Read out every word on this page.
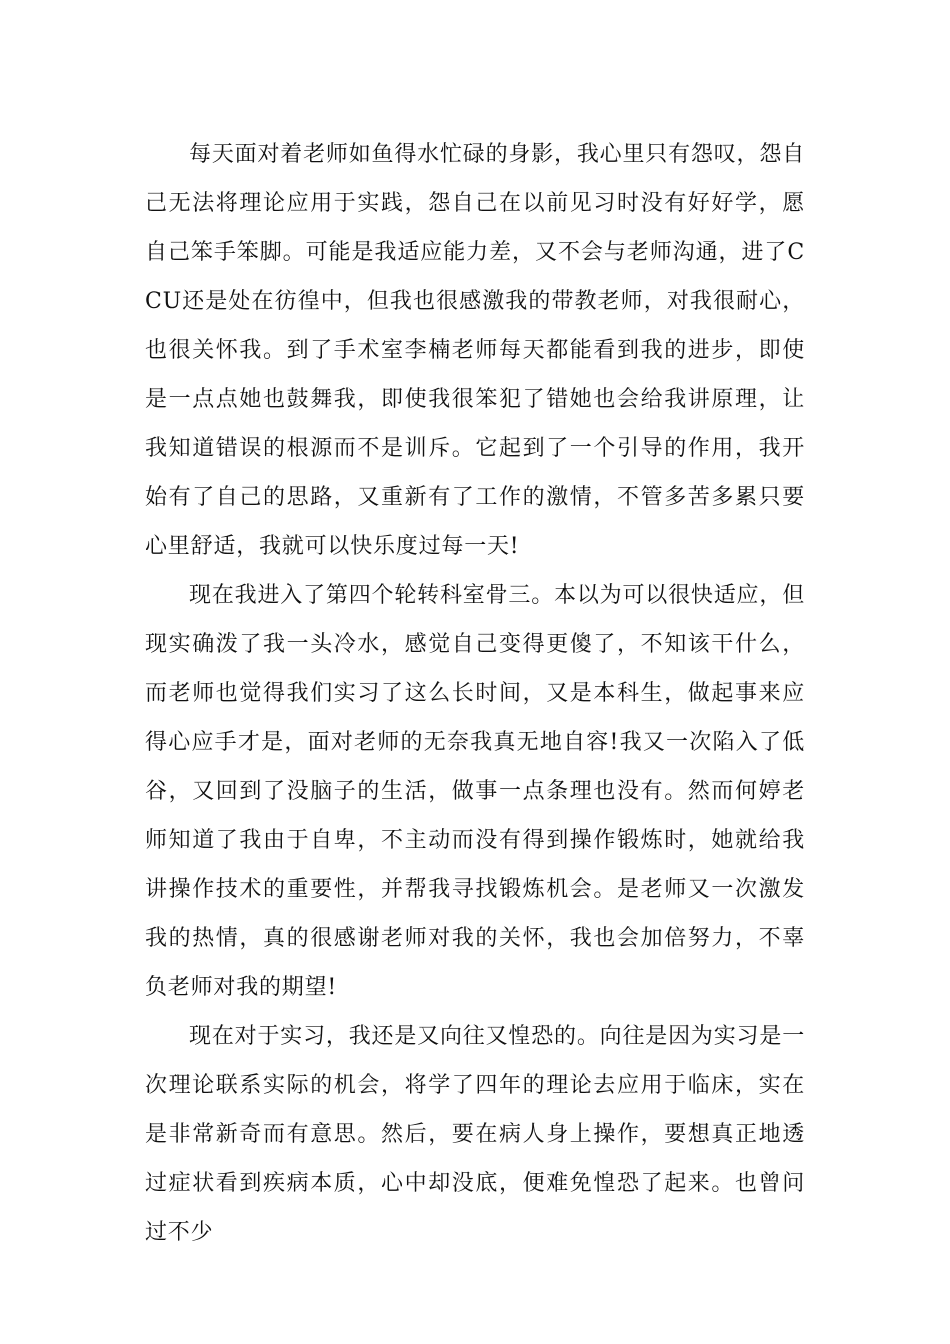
每天面对着老师如鱼得水忙碌的身影，我心里只有怨叹，怨自己无法将理论应用于实践，怨自己在以前见习时没有好好学，愿自己笨手笨脚。可能是我适应能力差，又不会与老师沟通，进了CCU还是处在彷徨中，但我也很感激我的带教老师，对我很耐心，也很关怀我。到了手术室李楠老师每天都能看到我的进步，即使是一点点她也鼓舞我，即使我很笨犯了错她也会给我讲原理，让我知道错误的根源而不是训斥。它起到了一个引导的作用，我开始有了自己的思路，又重新有了工作的激情，不管多苦多累只要心里舒适，我就可以快乐度过每一天!

现在我进入了第四个轮转科室骨三。本以为可以很快适应，但现实确泼了我一头冷水，感觉自己变得更傻了，不知该干什么，而老师也觉得我们实习了这么长时间，又是本科生，做起事来应得心应手才是，面对老师的无奈我真无地自容!我又一次陷入了低谷，又回到了没脑子的生活，做事一点条理也没有。然而何婷老师知道了我由于自卑，不主动而没有得到操作锻炼时，她就给我讲操作技术的重要性，并帮我寻找锻炼机会。是老师又一次激发我的热情，真的很感谢老师对我的关怀，我也会加倍努力，不辜负老师对我的期望!

现在对于实习，我还是又向往又惶恐的。向往是因为实习是一次理论联系实际的机会，将学了四年的理论去应用于临床，实在是非常新奇而有意思。然后，要在病人身上操作，要想真正地透过症状看到疾病本质，心中却没底，便难免惶恐了起来。也曾问过不少
